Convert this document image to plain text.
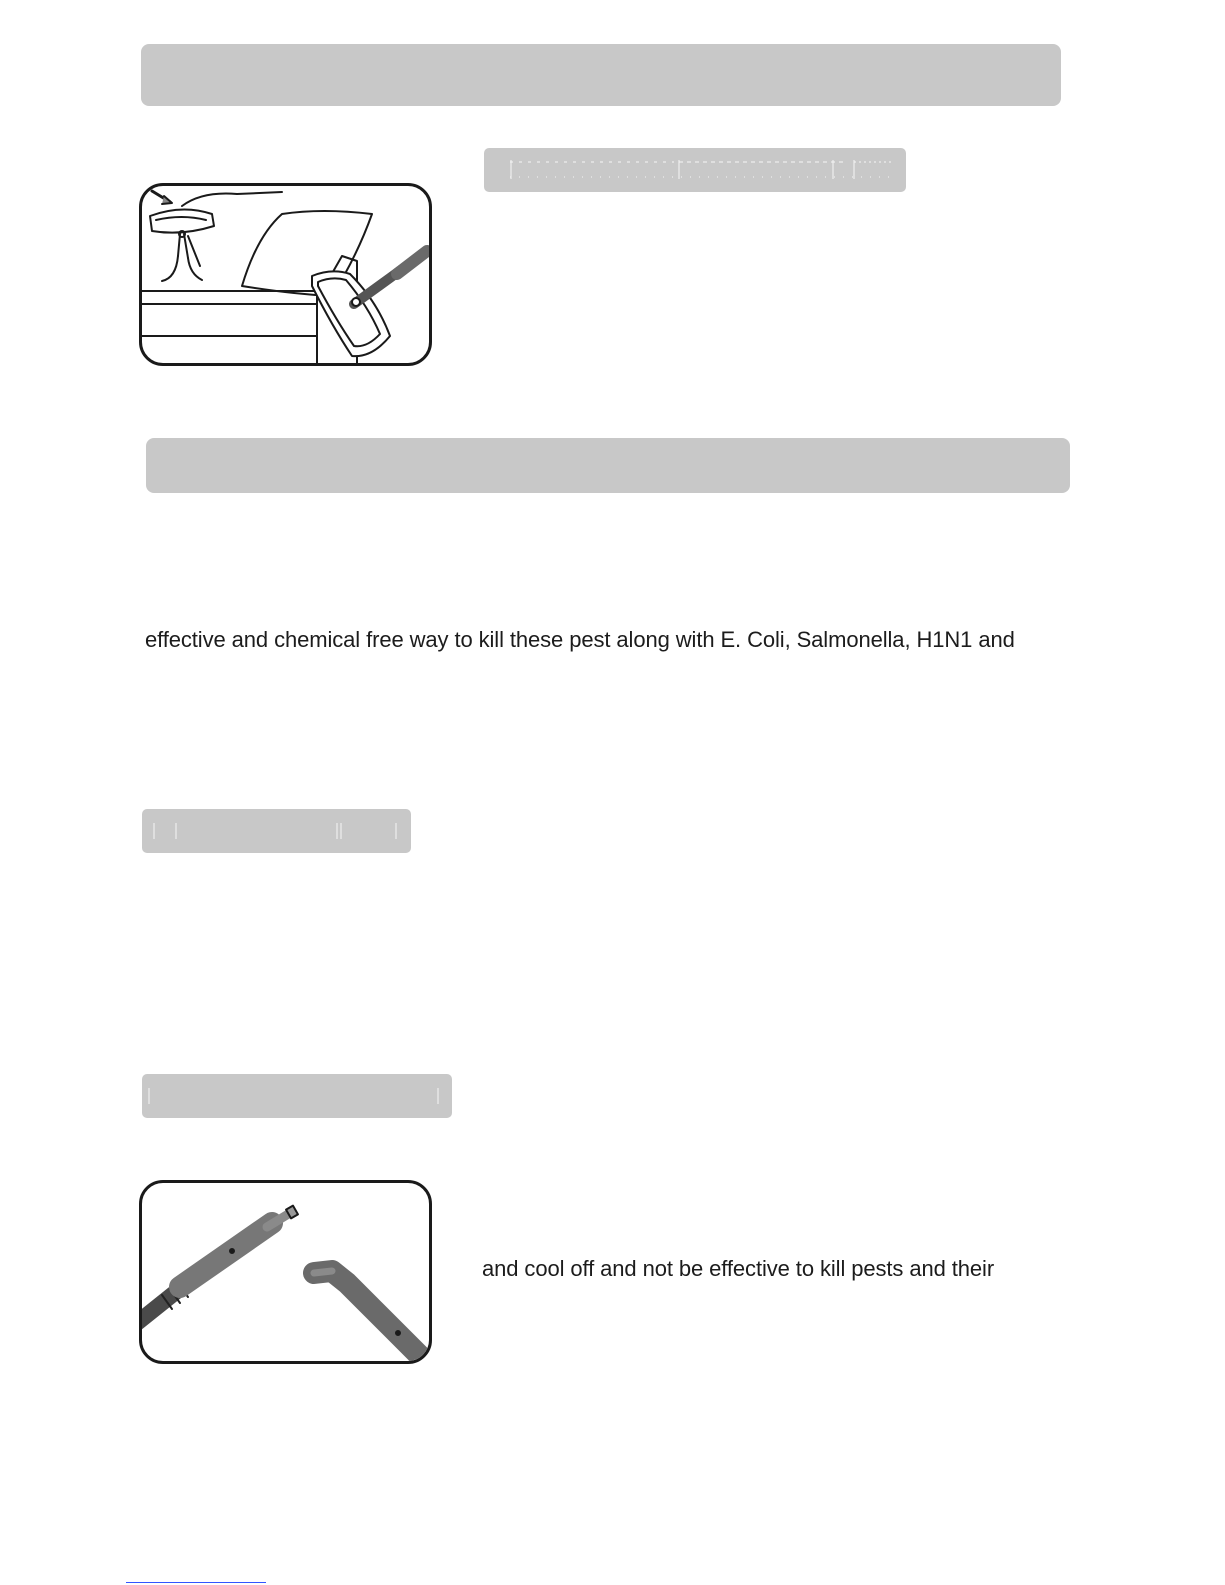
effective and chemical free way to kill these pest along with E. Coli, Salmonella, H1N1 and
and cool off and not be effective to kill pests and their
